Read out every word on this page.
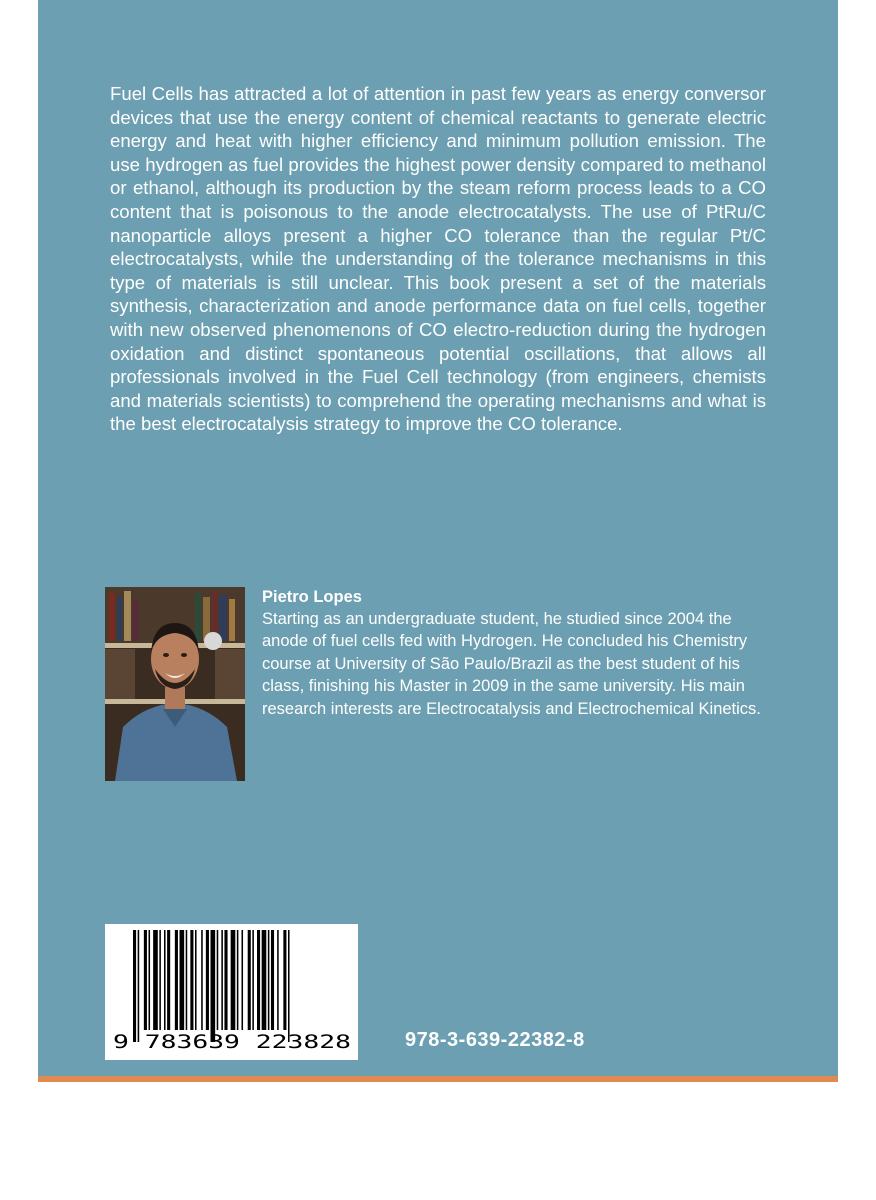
Fuel Cells has attracted a lot of attention in past few years as energy conversor devices that use the energy content of chemical reactants to generate electric energy and heat with higher efficiency and minimum pollution emission. The use hydrogen as fuel provides the highest power density compared to methanol or ethanol, although its production by the steam reform process leads to a CO content that is poisonous to the anode electrocatalysts. The use of PtRu/C nanoparticle alloys present a higher CO tolerance than the regular Pt/C electrocatalysts, while the understanding of the tolerance mechanisms in this type of materials is still unclear. This book present a set of the materials synthesis, characterization and anode performance data on fuel cells, together with new observed phenomenons of CO electro-reduction during the hydrogen oxidation and distinct spontaneous potential oscillations, that allows all professionals involved in the Fuel Cell technology (from engineers, chemists and materials scientists) to comprehend the operating mechanisms and what is the best electrocatalysis strategy to improve the CO tolerance.

Pietro Lopes

Starting as an undergraduate student, he studied since 2004 the anode of fuel cells fed with Hydrogen. He concluded his Chemistry course at University of São Paulo/Brazil as the best student of his class, finishing his Master in 2009 in the same university. His main research interests are Electrocatalysis and Electrochemical Kinetics.

9 783639 223828	978-3-639-22382-8
